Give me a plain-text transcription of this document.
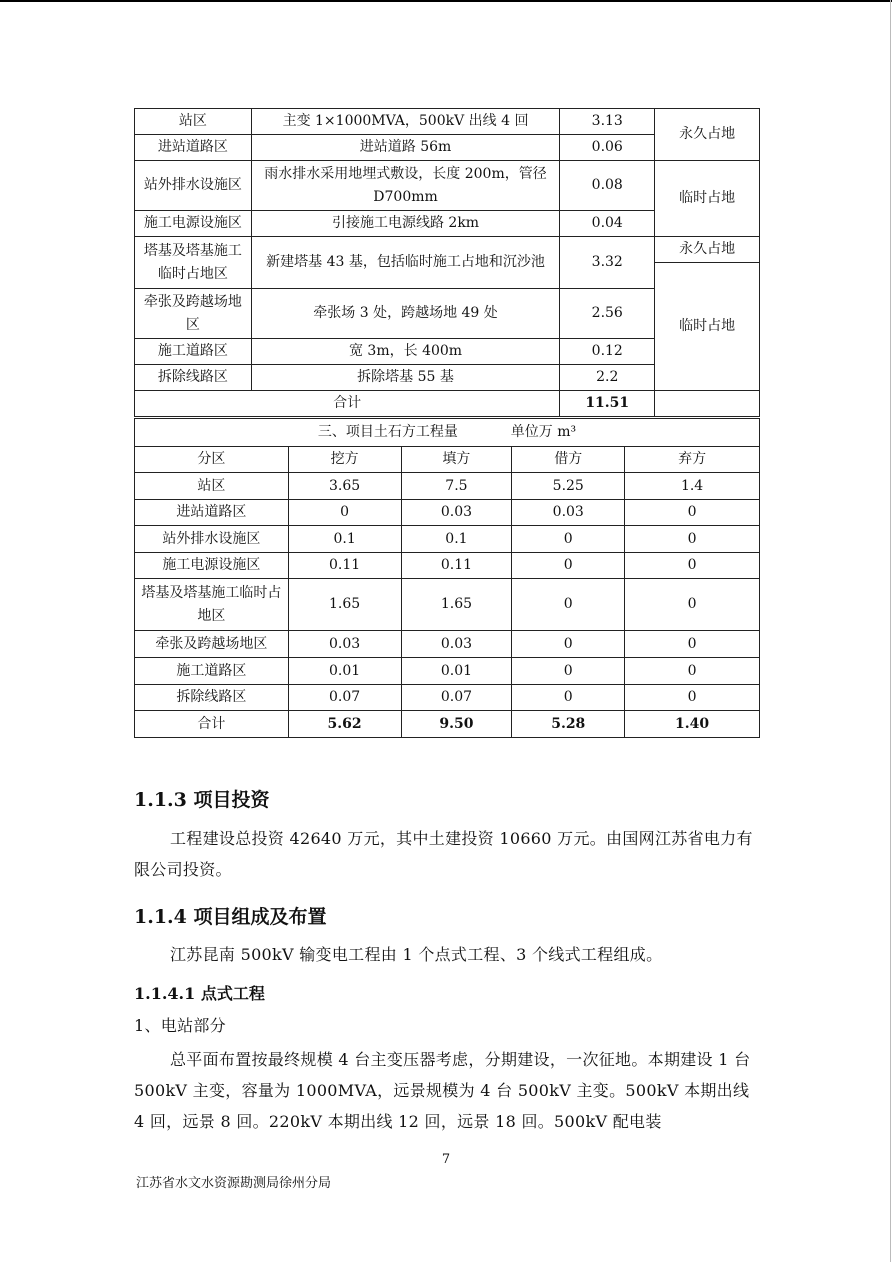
站区	主变 1×1000MVA，500kV 出线 4 回	3.13	永久占地
进站道路区	进站道路 56m	0.06	
站外排水设施区	雨水排水采用地埋式敷设，长度 200m，管径 D700mm	0.08	临时占地
施工电源设施区	引接施工电源线路 2km	0.04	
塔基及塔基施工临时占地区	新建塔基 43 基，包括临时施工占地和沉沙池	3.32	永久占地
			临时占地
牵张及跨越场地区	牵张场 3 处，跨越场地 49 处	2.56	
施工道路区	宽 3m，长 400m	0.12	
拆除线路区	拆除塔基 55 基	2.2	
合计		11.51	
三、项目土石方工程量 单位万 m³				
分区	挖方	填方	借方	弃方
站区	3.65	7.5	5.25	1.4
进站道路区	0	0.03	0.03	0
站外排水设施区	0.1	0.1	0	0
施工电源设施区	0.11	0.11	0	0
塔基及塔基施工临时占地区	1.65	1.65	0	0
牵张及跨越场地区	0.03	0.03	0	0
施工道路区	0.01	0.01	0	0
拆除线路区	0.07	0.07	0	0
合计	5.62	9.50	5.28	1.40
1.1.3 项目投资
工程建设总投资 42640 万元，其中土建投资 10660 万元。由国网江苏省电力有限公司投资。
1.1.4 项目组成及布置
江苏昆南 500kV 输变电工程由 1 个点式工程、3 个线式工程组成。
1.1.4.1 点式工程
1、电站部分
总平面布置按最终规模 4 台主变压器考虑，分期建设，一次征地。本期建设 1 台 500kV 主变，容量为 1000MVA，远景规模为 4 台 500kV 主变。500kV 本期出线 4 回，远景 8 回。220kV 本期出线 12 回，远景 18 回。500kV 配电装
7
江苏省水文水资源勘测局徐州分局
